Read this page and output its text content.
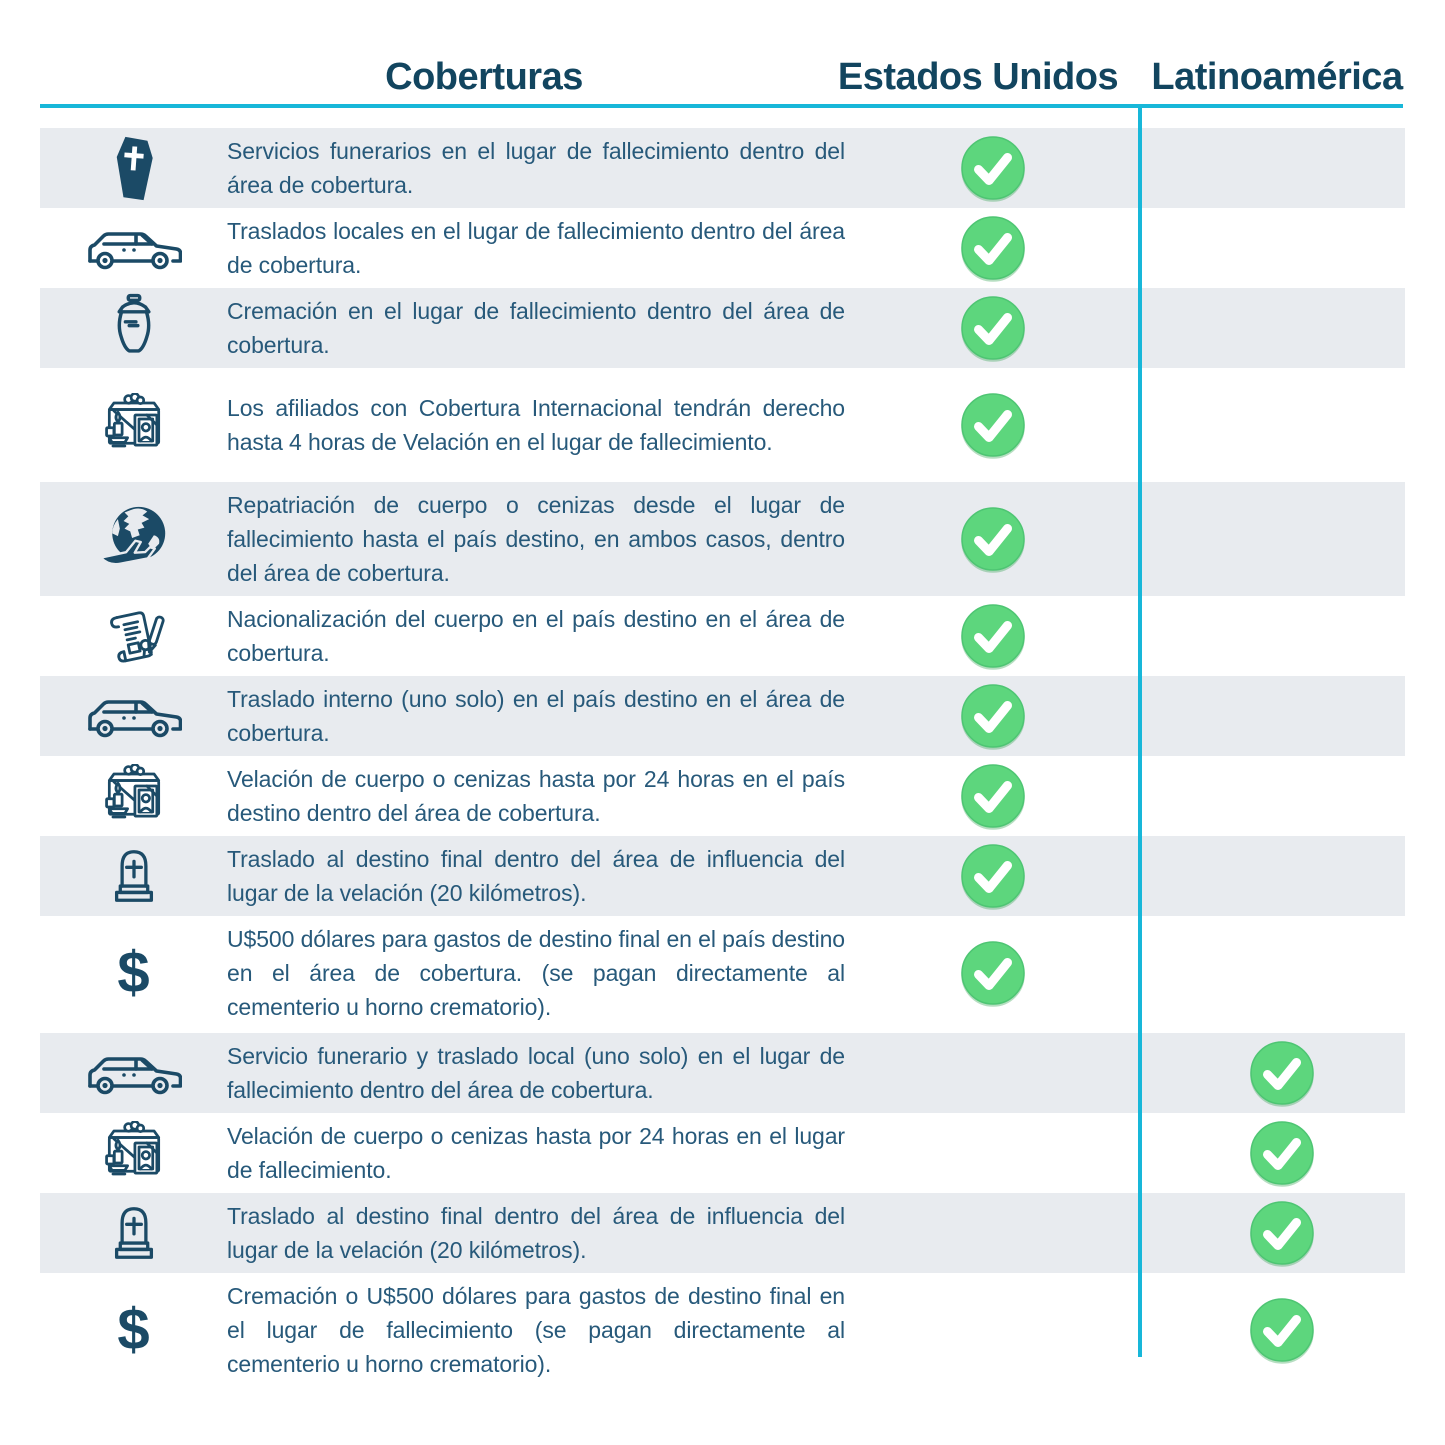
Coberturas	Estados Unidos Latinoamérica
Servicios funerarios en el lugar de fallecimiento dentro del área de cobertura.
Traslados locales en el lugar de fallecimiento dentro del área de cobertura.
Cremación en el lugar de fallecimiento dentro del área de cobertura.
Los afiliados con Cobertura Internacional tendrán derecho hasta 4 horas de Velación en el lugar de fallecimiento.
Repatriación de cuerpo o cenizas desde el lugar de fallecimiento hasta el país destino, en ambos casos, dentro del área de cobertura.
Nacionalización del cuerpo en el país destino en el área de cobertura.
Traslado interno (uno solo) en el país destino en el área de cobertura.
Velación de cuerpo o cenizas hasta por 24 horas en el país destino dentro del área de cobertura.
Traslado al destino final dentro del área de influencia del lugar de la velación (20 kilómetros).
$
U$500 dólares para gastos de destino final en el país destino en el área de cobertura. (se pagan directamente al cementerio u horno crematorio).
Servicio funerario y traslado local (uno solo) en el lugar de fallecimiento dentro del área de cobertura.
Velación de cuerpo o cenizas hasta por 24 horas en el lugar de fallecimiento.
Traslado al destino final dentro del área de influencia del lugar de la velación (20 kilómetros).
$
Cremación o U$500 dólares para gastos de destino final en el lugar de fallecimiento (se pagan directamente al cementerio u horno crematorio).
